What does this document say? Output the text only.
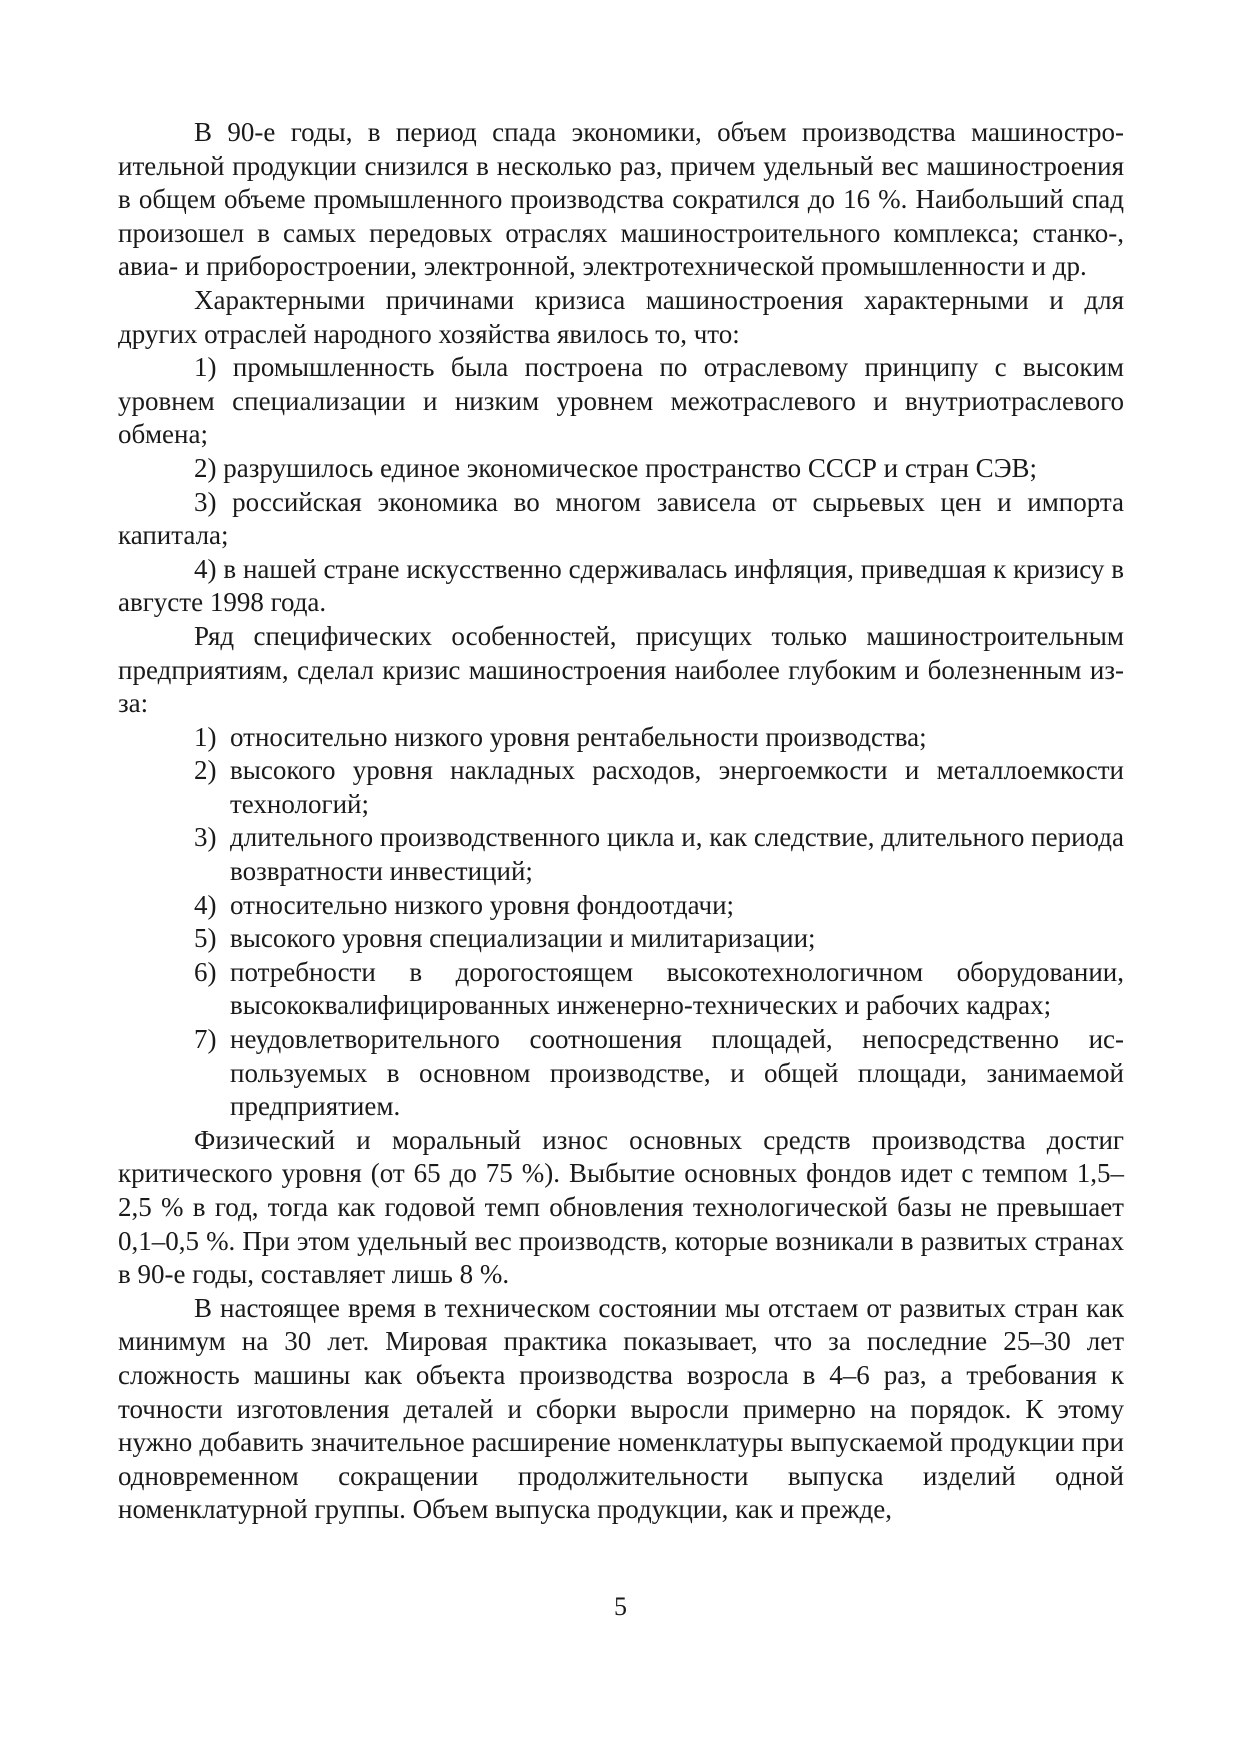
В 90-е годы, в период спада экономики, объем производства машиностроительной продукции снизился в несколько раз, причем удельный вес машиностроения в общем объеме промышленного производства сократился до 16 %. Наибольший спад произошел в самых передовых отраслях машиностроительного комплекса; станко-, авиа- и приборостроении, электронной, электротехнической промышленности и др.

Характерными причинами кризиса машиностроения характерными и для других отраслей народного хозяйства явилось то, что:

1) промышленность была построена по отраслевому принципу с высоким уровнем специализации и низким уровнем межотраслевого и внутриотраслевого обмена;

2) разрушилось единое экономическое пространство СССР и стран СЭВ;

3) российская экономика во многом зависела от сырьевых цен и импорта капитала;

4) в нашей стране искусственно сдерживалась инфляция, приведшая к кризису в августе 1998 года.

Ряд специфических особенностей, присущих только машиностроительным предприятиям, сделал кризис машиностроения наиболее глубоким и болезненным из-за:

1) относительно низкого уровня рентабельности производства;
2) высокого уровня накладных расходов, энергоемкости и металлоемкости технологий;
3) длительного производственного цикла и, как следствие, длительного периода возвратности инвестиций;
4) относительно низкого уровня фондоотдачи;
5) высокого уровня специализации и милитаризации;
6) потребности в дорогостоящем высокотехнологичном оборудовании, высококвалифицированных инженерно-технических и рабочих кадрах;
7) неудовлетворительного соотношения площадей, непосредственно используемых в основном производстве, и общей площади, занимаемой предприятием.

Физический и моральный износ основных средств производства достиг критического уровня (от 65 до 75 %). Выбытие основных фондов идет с темпом 1,5–2,5 % в год, тогда как годовой темп обновления технологической базы не превышает 0,1–0,5 %. При этом удельный вес производств, которые возникали в развитых странах в 90-е годы, составляет лишь 8 %.

В настоящее время в техническом состоянии мы отстаем от развитых стран как минимум на 30 лет. Мировая практика показывает, что за последние 25–30 лет сложность машины как объекта производства возросла в 4–6 раз, а требования к точности изготовления деталей и сборки выросли примерно на порядок. К этому нужно добавить значительное расширение номенклатуры выпускаемой продукции при одновременном сокращении продолжительности выпуска изделий одной номенклатурной группы. Объем выпуска продукции, как и прежде,

5
